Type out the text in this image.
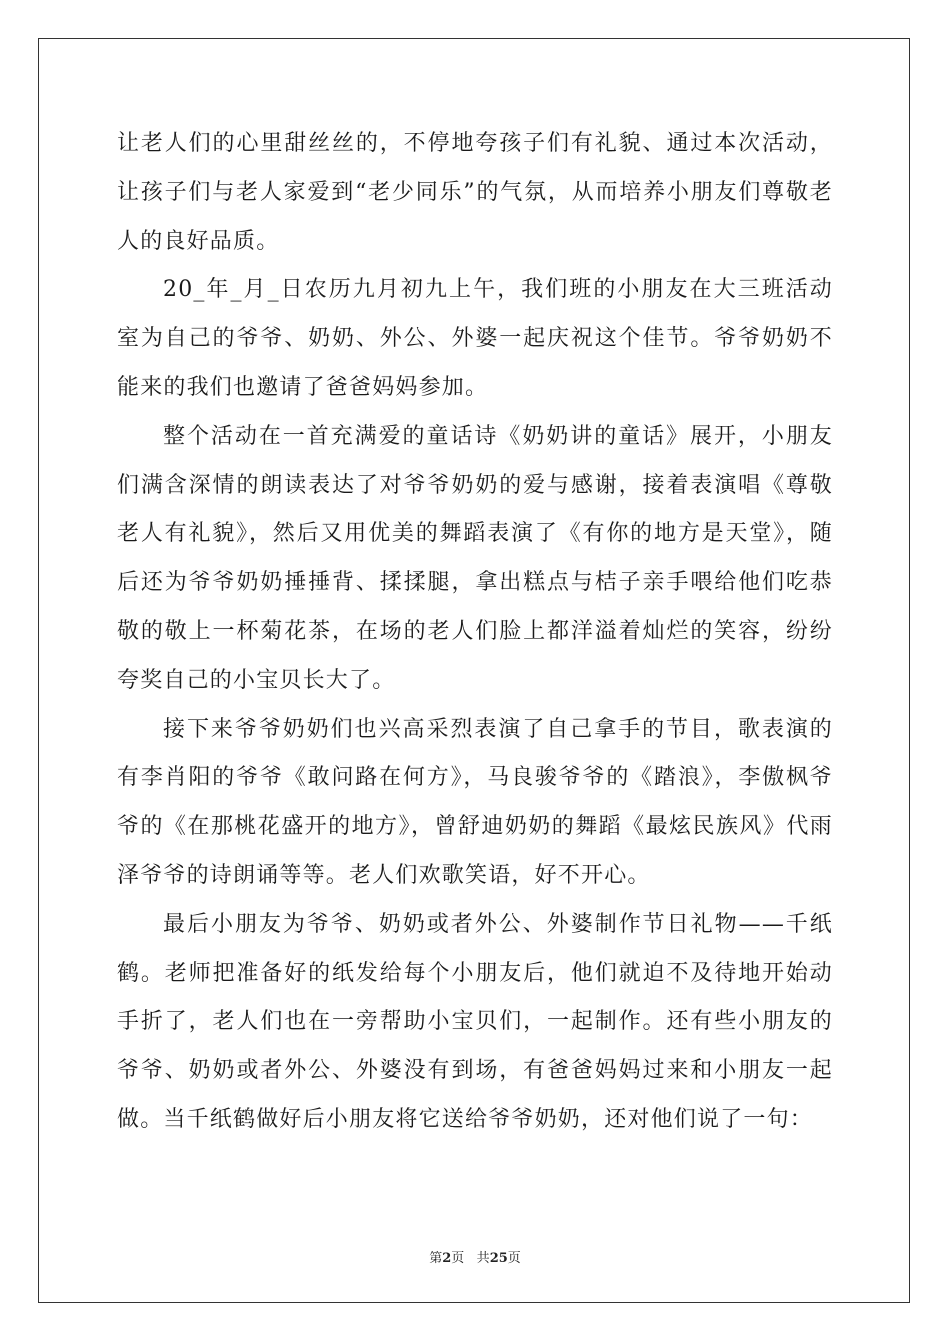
让老人们的心里甜丝丝的，不停地夸孩子们有礼貌、通过本次活动，让孩子们与老人家爱到“老少同乐”的气氛，从而培养小朋友们尊敬老人的良好品质。

20_年_月_日农历九月初九上午，我们班的小朋友在大三班活动室为自己的爷爷、奶奶、外公、外婆一起庆祝这个佳节。爷爷奶奶不能来的我们也邀请了爸爸妈妈参加。

整个活动在一首充满爱的童话诗《奶奶讲的童话》展开，小朋友们满含深情的朗读表达了对爷爷奶奶的爱与感谢，接着表演唱《尊敬老人有礼貌》，然后又用优美的舞蹈表演了《有你的地方是天堂》，随后还为爷爷奶奶捶捶背、揉揉腿，拿出糕点与桔子亲手喂给他们吃恭敬的敬上一杯菊花茶，在场的老人们脸上都洋溢着灿烂的笑容，纷纷夸奖自己的小宝贝长大了。

接下来爷爷奶奶们也兴高采烈表演了自己拿手的节目，歌表演的有李肖阳的爷爷《敢问路在何方》，马良骏爷爷的《踏浪》，李傲枫爷爷的《在那桃花盛开的地方》，曾舒迪奶奶的舞蹈《最炫民族风》代雨泽爷爷的诗朗诵等等。老人们欢歌笑语，好不开心。

最后小朋友为爷爷、奶奶或者外公、外婆制作节日礼物——千纸鹤。老师把准备好的纸发给每个小朋友后，他们就迫不及待地开始动手折了，老人们也在一旁帮助小宝贝们，一起制作。还有些小朋友的爷爷、奶奶或者外公、外婆没有到场，有爸爸妈妈过来和小朋友一起做。当千纸鹤做好后小朋友将它送给爷爷奶奶，还对他们说了一句：

第2页 共25页
